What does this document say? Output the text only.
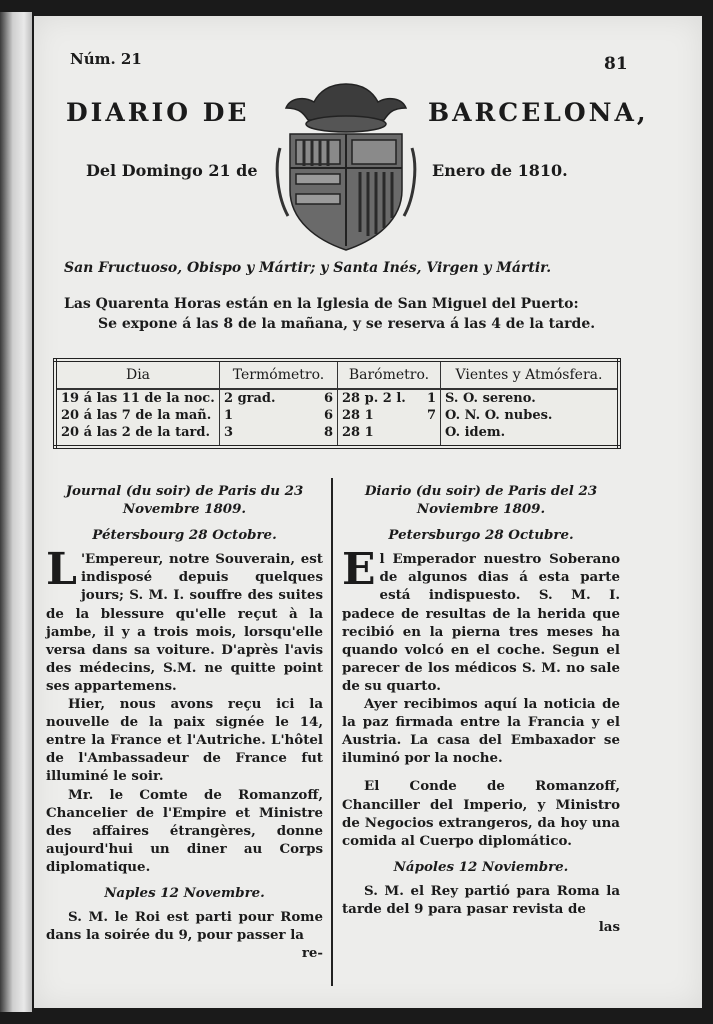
Núm. 21	81
DIARIO DE	BARCELONA,
Del Domingo 21 de	Enero de 1810.
San Fructuoso, Obispo y Mártir; y Santa Inés, Virgen y Mártir.
Las Quarenta Horas están en la Iglesia de San Miguel del Puerto:
Se expone á las 8 de la mañana, y se reserva á las 4 de la tarde.
Dia	Termómetro.	Barómetro.	Vientes y Atmósfera.
19 á las 11 de la noc.	2 grad. 6	28 p. 2 l. 1	S. O. sereno.
20 á las 7 de la mañ.	1 6	28 1 7	O. N. O. nubes.
20 á las 2 de la tard.	3 8	28 1	O. idem.

Journal (du soir) de Paris du 23 Novembre 1809.

Pétersbourg 28 Octobre.

L 'Empereur, notre Souverain, est indisposé depuis quelques jours; S. M. I. souffre des suites de la blessure qu'elle reçut à la jambe, il y a trois mois, lorsqu'elle versa dans sa voiture. D'après l'avis des médecins, S.M. ne quitte point ses appartemens.

Hier, nous avons reçu ici la nouvelle de la paix signée le 14, entre la France et l'Autriche. L'hôtel de l'Ambassadeur de France fut illuminé le soir.

Mr. le Comte de Romanzoff, Chancelier de l'Empire et Ministre des affaires étrangères, donne aujourd'hui un diner au Corps diplomatique.

Naples 12 Novembre.

S. M. le Roi est parti pour Rome dans la soirée du 9, pour passer la

re-

Diario (du soir) de Paris del 23 Noviembre 1809.

Petersburgo 28 Octubre.

El Emperador nuestro Soberano de algunos dias á esta parte está indispuesto. S. M. I. padece de resultas de la herida que recibió en la pierna tres meses ha quando volcó en el coche. Segun el parecer de los médicos S. M. no sale de su quarto.

Ayer recibimos aquí la noticia de la paz firmada entre la Francia y el Austria. La casa del Embaxador se iluminó por la noche.

El Conde de Romanzoff, Chanciller del Imperio, y Ministro de Negocios extrangeros, da hoy una comida al Cuerpo diplomático.

Nápoles 12 Noviembre.

S. M. el Rey partió para Roma la tarde del 9 para pasar revista de

las
